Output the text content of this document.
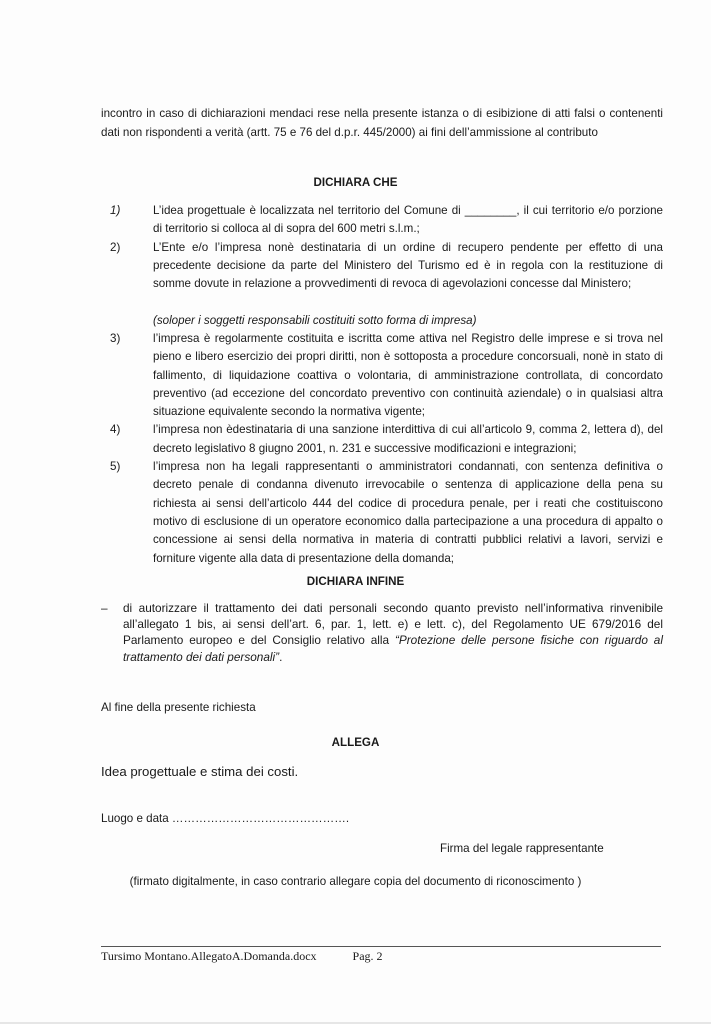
incontro in caso di dichiarazioni mendaci rese nella presente istanza o di esibizione di atti falsi o contenenti dati non rispondenti a verità (artt. 75 e 76 del d.p.r. 445/2000) ai fini dell’ammissione al contributo
DICHIARA CHE
1)	L’idea progettuale è localizzata nel territorio del Comune di ________, il cui territorio e/o porzione di territorio si colloca al di sopra del 600 metri s.l.m.;
2)	L’Ente e/o l’impresa nonè destinataria di un ordine di recupero pendente per effetto di una precedente decisione da parte del Ministero del Turismo ed è in regola con la restituzione di somme dovute in relazione a provvedimenti di revoca di agevolazioni concesse dal Ministero;
(soloper i soggetti responsabili costituiti sotto forma di impresa)
3)	l’impresa è regolarmente costituita e iscritta come attiva nel Registro delle imprese e si trova nel pieno e libero esercizio dei propri diritti, non è sottoposta a procedure concorsuali, nonè in stato di fallimento, di liquidazione coattiva o volontaria, di amministrazione controllata, di concordato preventivo (ad eccezione del concordato preventivo con continuità aziendale) o in qualsiasi altra situazione equivalente secondo la normativa vigente;
4)	l’impresa non èdestinataria di una sanzione interdittiva di cui all’articolo 9, comma 2, lettera d), del decreto legislativo 8 giugno 2001, n. 231 e successive modificazioni e integrazioni;
5)	l’impresa non ha legali rappresentanti o amministratori condannati, con sentenza definitiva o decreto penale di condanna divenuto irrevocabile o sentenza di applicazione della pena su richiesta ai sensi dell’articolo 444 del codice di procedura penale, per i reati che costituiscono motivo di esclusione di un operatore economico dalla partecipazione a una procedura di appalto o concessione ai sensi della normativa in materia di contratti pubblici relativi a lavori, servizi e forniture vigente alla data di presentazione della domanda;
DICHIARA INFINE
– di autorizzare il trattamento dei dati personali secondo quanto previsto nell’informativa rinvenibile all’allegato 1 bis, ai sensi dell’art. 6, par. 1, lett. e) e lett. c), del Regolamento UE 679/2016 del Parlamento europeo e del Consiglio relativo alla “Protezione delle persone fisiche con riguardo al trattamento dei dati personali”.
Al fine della presente richiesta
ALLEGA
Idea progettuale e stima dei costi.
Luogo e data ……………………………………….
Firma del legale rappresentante
(firmato digitalmente, in caso contrario allegare copia del documento di riconoscimento )
Tursimo Montano.AllegatoA.Domanda.docx	Pag. 2
